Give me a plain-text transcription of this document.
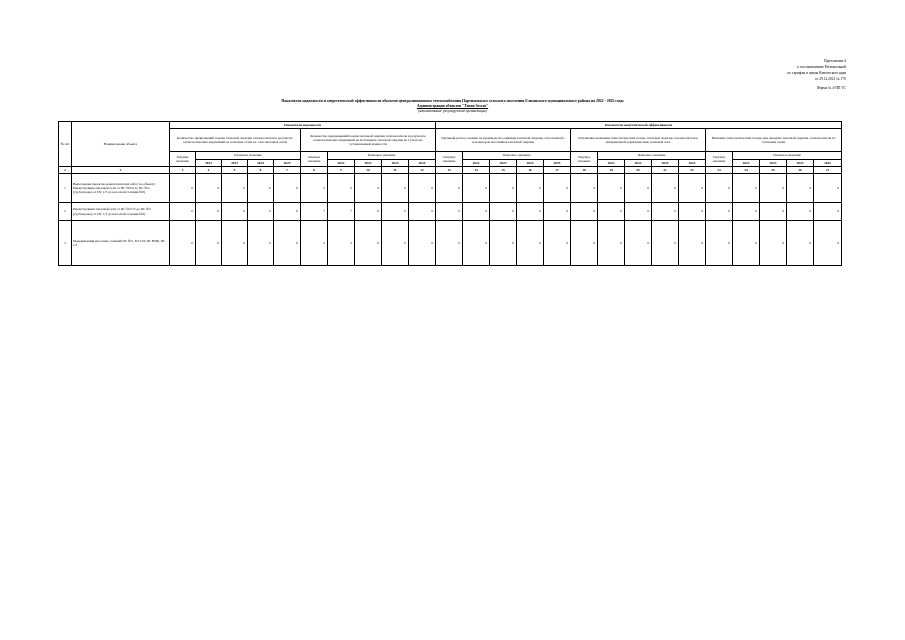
Приложение 4
к постановлению Региональной
по тарифам и ценам Камчатского края
от 29.12.2021 № 170
Форма № 4-ПП ТС
Показатели надежности и энергетической эффективности объектов централизованного теплоснабжения Партизанского сельского поселения Елизовского муниципального района на 2022 - 2025 годы
Администрация объектов "Тихая Земля"
(наименование регулируемой организации)
№ п/п	Наименование объекта	Показатели надежности										Показатели энергетической эффективности														
		Количество прекращений подачи тепловой энергии, теплоносителя в результате технологических нарушений на тепловых сетях на 1 км тепловых сетей					Количество прекращений подачи тепловой энергии теплоносителя в результате технологических нарушений на источниках тепловой энергии на 1 Гкал/час установленной мощности					Удельный расход топлива на производство единицы тепловой энергии, отпускаемой с коллекторов источников тепловой энергии					Отношение величины технологических потерь тепловой энергии, теплоносителя к материальной характеристике тепловой сети					Величина технологических потерь при передаче тепловой энергии, теплоносителя по тепловым сетям				
		Текущее значение	Плановое значение				Текущее значение	Плановое значение				Текущее значение	Плановое значение				Текущее значение	Плановое значение				Текущее значение	Плановое значение			
			2022	2023	2024	2025		2022	2023	2024	2025		2022	2023	2024	2025		2022	2023	2024	2025		2022	2023	2024	2025
1	2	3	4	5	6	7	8	9	10	11	12	13	14	15	16	17	18	19	20	21	22	23	24	25	26	27
1	Выполнение проектно-изыскательских работ по объекту: Реконструкция тепловой сети от ПС №5/6 до ПС №5 (трубопровод от ПС 1/3 до насосной станции №5)	0	0	0	0	0	2	2	0	0	0	0	0	0	0	0	0	0	0	0	0	0	0	0	0	0
2	Реконструкция тепловой сети от ПС №7/13 до ПС №5 (трубопровод от ПС 1/3 до насосной станции №5)	0	0	0	0	0	7	7	0	0	0	0	0	0	0	0	0	0	0	0	0	0	0	0	0	0
3	Модернизация насосных станций ПС №5, ЗО 5-Н, ПС НЦБ, ПС 1/3	0	0	0	0	0	2	2	0	0	0	0	0	0	0	0	0	0	0	0	0	0	0	0	0	0
